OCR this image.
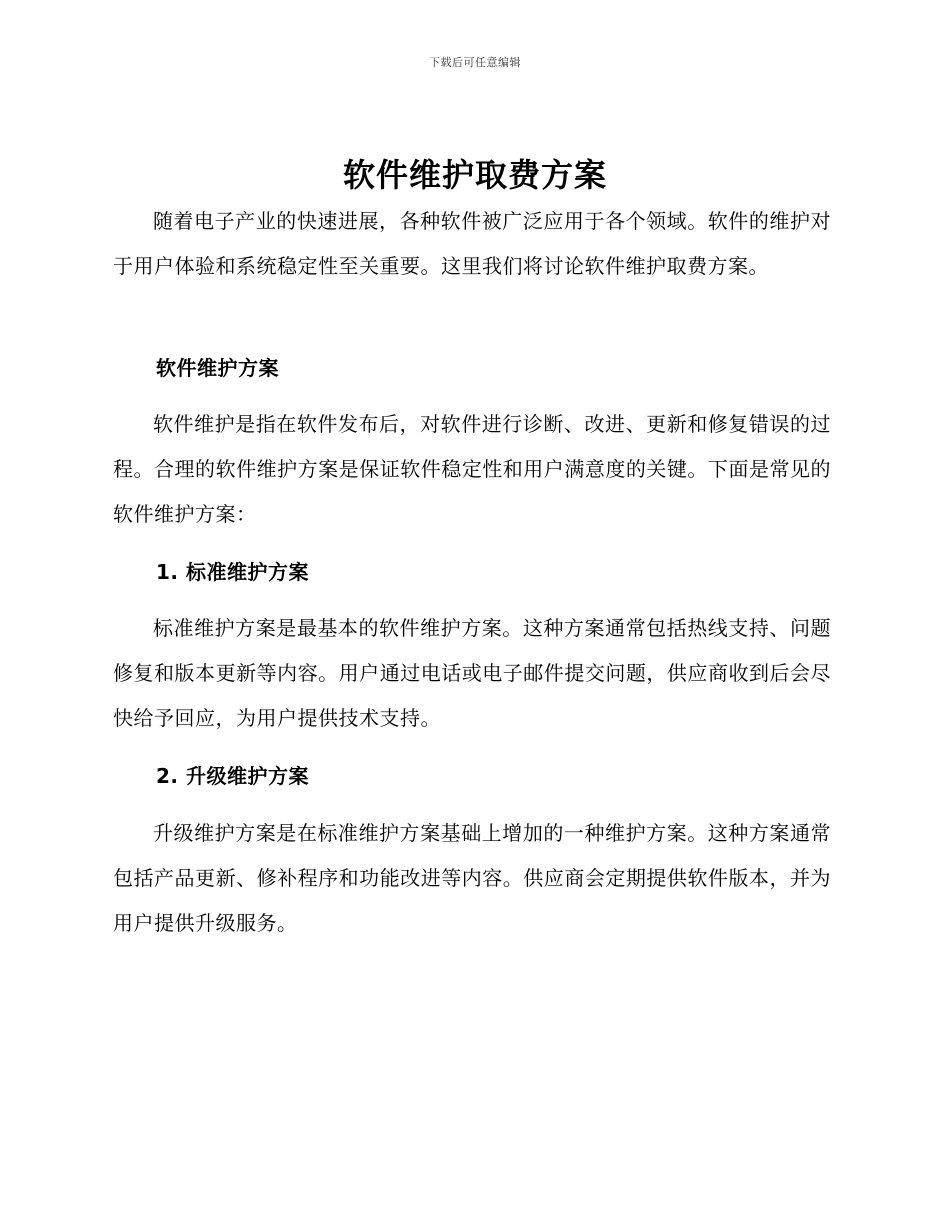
下载后可任意编辑
软件维护取费方案

随着电子产业的快速进展，各种软件被广泛应用于各个领域。软件的维护对于用户体验和系统稳定性至关重要。这里我们将讨论软件维护取费方案。

软件维护方案

软件维护是指在软件发布后，对软件进行诊断、改进、更新和修复错误的过程。合理的软件维护方案是保证软件稳定性和用户满意度的关键。下面是常见的软件维护方案：

1. 标准维护方案

标准维护方案是最基本的软件维护方案。这种方案通常包括热线支持、问题修复和版本更新等内容。用户通过电话或电子邮件提交问题，供应商收到后会尽快给予回应，为用户提供技术支持。

2. 升级维护方案

升级维护方案是在标准维护方案基础上增加的一种维护方案。这种方案通常包括产品更新、修补程序和功能改进等内容。供应商会定期提供软件版本，并为用户提供升级服务。
